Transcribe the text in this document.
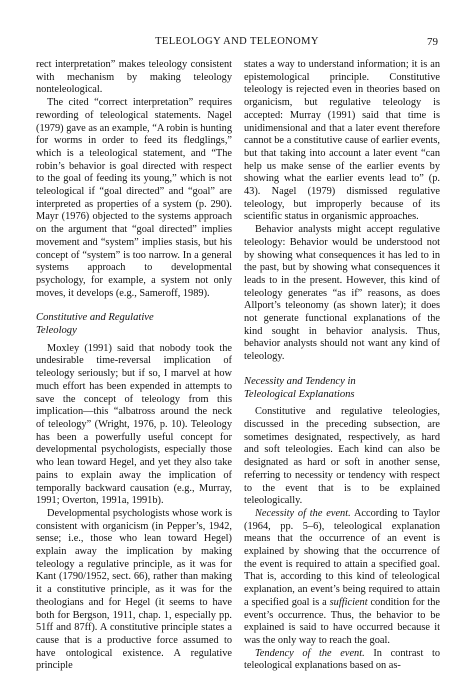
TELEOLOGY AND TELEONOMY	79

rect interpretation” makes teleology consistent with mechanism by making teleology nonteleological.

The cited “correct interpretation” requires rewording of teleological statements. Nagel (1979) gave as an example, “A robin is hunting for worms in order to feed its fledglings,” which is a teleological statement, and “The robin’s behavior is goal directed with respect to the goal of feeding its young,” which is not teleological if “goal directed” and “goal” are interpreted as properties of a system (p. 290). Mayr (1976) objected to the systems approach on the argument that “goal directed” implies movement and “system” implies stasis, but his concept of “system” is too narrow. In a general systems approach to developmental psychology, for example, a system not only moves, it develops (e.g., Sameroff, 1989).

Constitutive and Regulative
Teleology

Moxley (1991) said that nobody took the undesirable time-reversal implication of teleology seriously; but if so, I marvel at how much effort has been expended in attempts to save the concept of teleology from this implication—this “albatross around the neck of teleology” (Wright, 1976, p. 10). Teleology has been a powerfully useful concept for developmental psychologists, especially those who lean toward Hegel, and yet they also take pains to explain away the implication of temporally backward causation (e.g., Murray, 1991; Overton, 1991a, 1991b).

Developmental psychologists whose work is consistent with organicism (in Pepper’s, 1942, sense; i.e., those who lean toward Hegel) explain away the implication by making teleology a regulative principle, as it was for Kant (1790/1952, sect. 66), rather than making it a constitutive principle, as it was for the theologians and for Hegel (it seems to have both for Bergson, 1911, chap. 1, especially pp. 51ff and 87ff). A constitutive principle states a cause that is a productive force assumed to have ontological existence. A regulative principle

states a way to understand information; it is an epistemological principle. Constitutive teleology is rejected even in theories based on organicism, but regulative teleology is accepted: Murray (1991) said that time is unidimensional and that a later event therefore cannot be a constitutive cause of earlier events, but that taking into account a later event “can help us make sense of the earlier events by showing what the earlier events lead to” (p. 43). Nagel (1979) dismissed regulative teleology, but improperly because of its scientific status in organismic approaches.

Behavior analysts might accept regulative teleology: Behavior would be understood not by showing what consequences it has led to in the past, but by showing what consequences it leads to in the present. However, this kind of teleology generates “as if” reasons, as does Allport’s teleonomy (as shown later); it does not generate functional explanations of the kind sought in behavior analysis. Thus, behavior analysts should not want any kind of teleology.

Necessity and Tendency in
Teleological Explanations

Constitutive and regulative teleologies, discussed in the preceding subsection, are sometimes designated, respectively, as hard and soft teleologies. Each kind can also be designated as hard or soft in another sense, referring to necessity or tendency with respect to the event that is to be explained teleologically.

Necessity of the event. According to Taylor (1964, pp. 5–6), teleological explanation means that the occurrence of an event is explained by showing that the occurrence of the event is required to attain a specified goal. That is, according to this kind of teleological explanation, an event’s being required to attain a specified goal is a sufficient condition for the event’s occurrence. Thus, the behavior to be explained is said to have occurred because it was the only way to reach the goal.

Tendency of the event. In contrast to teleological explanations based on as-
